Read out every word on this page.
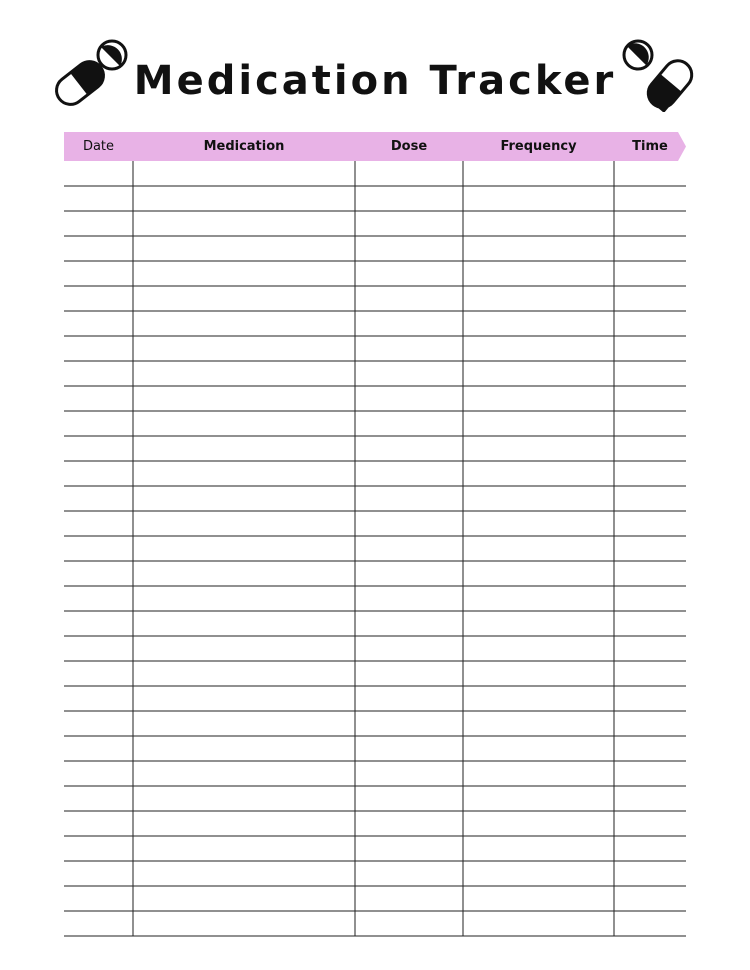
Medication Tracker
Date	Medication	Dose	Frequency	Time
